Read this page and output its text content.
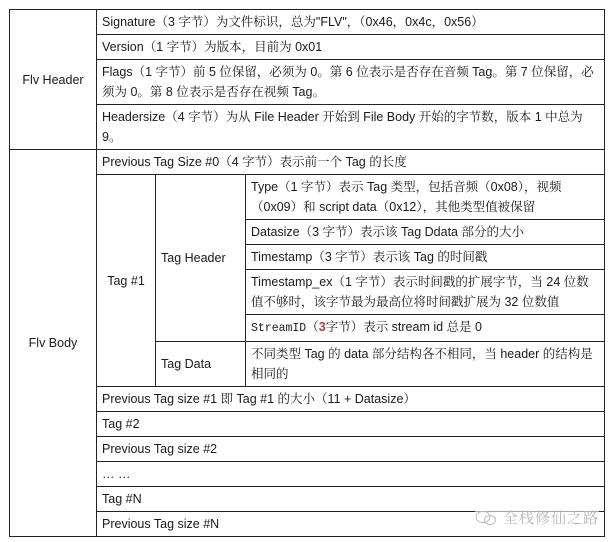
Flv Header	Signature（3 字节）为文件标识，总为"FLV"，（0x46，0x4c，0x56）		
	Version（1 字节）为版本，目前为 0x01		
	Flags（1 字节）前 5 位保留，必须为 0。第 6 位表示是否存在音频 Tag。第 7 位保留，必须为 0。第 8 位表示是否存在视频 Tag。		
	Headersize（4 字节）为从 File Header 开始到 File Body 开始的字节数，版本 1 中总为 9。		
Flv Body	Previous Tag Size #0（4 字节）表示前一个 Tag 的长度		
	Tag #1	Tag Header	Type（1 字节）表示 Tag 类型，包括音频（0x08），视频（0x09）和 script data（0x12），其他类型值被保留
			Datasize（3 字节）表示该 Tag Ddata 部分的大小
			Timestamp（3 字节）表示该 Tag 的时间戳
			Timestamp_ex（1 字节）表示时间戳的扩展字节，当 24 位数值不够时，该字节最为最高位将时间戳扩展为 32 位数值
			StreamID（3字节）表示 stream id 总是 0
		Tag Data	不同类型 Tag 的 data 部分结构各不相同，当 header 的结构是相同的
	Previous Tag size #1 即 Tag #1 的大小（11 + Datasize）		
	Tag #2		
	Previous Tag size #2		
	… …		
	Tag #N		
	Previous Tag size #N			全栈修仙之路
